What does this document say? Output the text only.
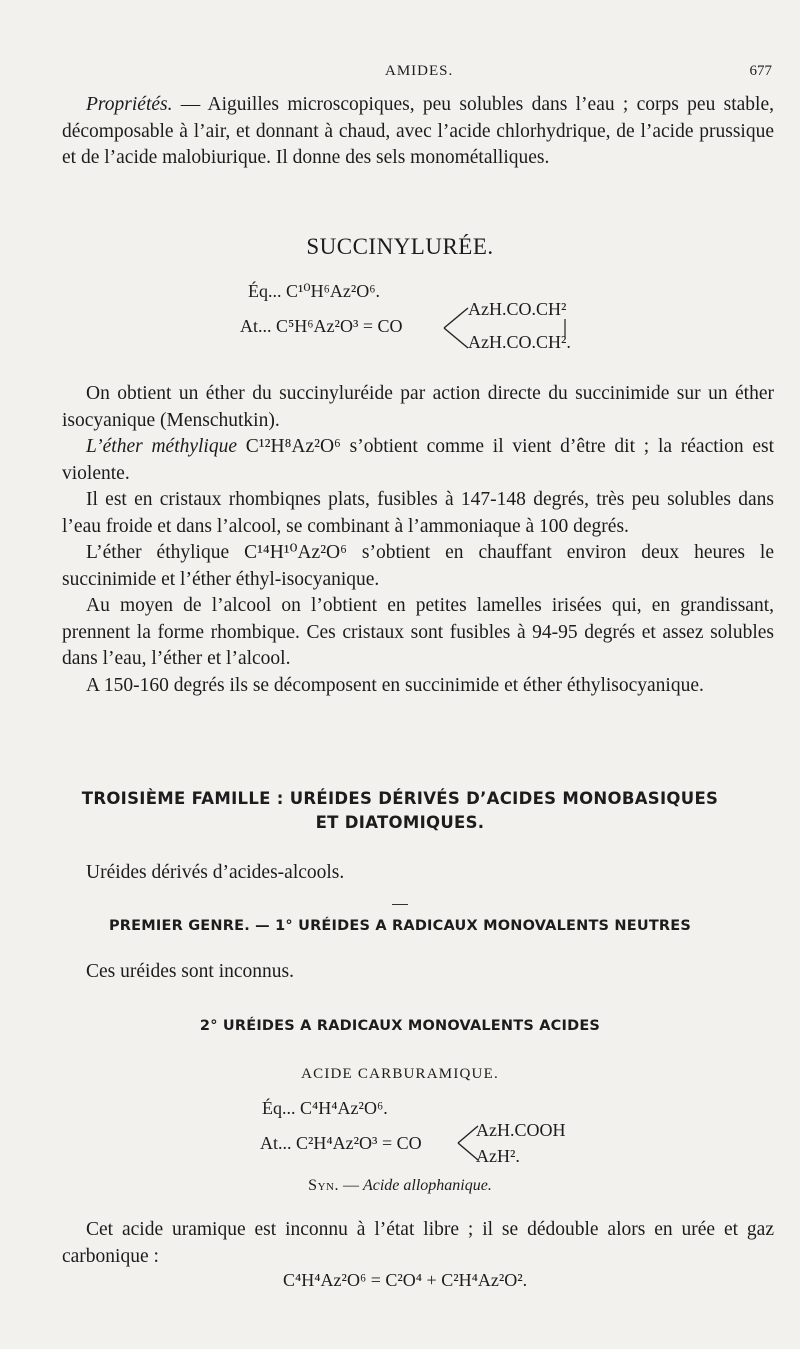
AMIDES.	677

Propriétés. — Aiguilles microscopiques, peu solubles dans l’eau ; corps peu stable, décomposable à l’air, et donnant à chaud, avec l’acide chlorhydrique, de l’acide prussique et de l’acide malobiurique. Il donne des sels monométalliques.

SUCCINYLURÉE.
Éq... C¹⁰H⁶Az²O⁶.
At... C⁵H⁶Az²O³ = CO
AzH.CO.CH²
AzH.CO.CH².

On obtient un éther du succinyluréide par action directe du succinimide sur un éther isocyanique (Menschutkin).

L’éther méthylique C¹²H⁸Az²O⁶ s’obtient comme il vient d’être dit ; la réaction est violente.

Il est en cristaux rhombiqnes plats, fusibles à 147-148 degrés, très peu solubles dans l’eau froide et dans l’alcool, se combinant à l’ammoniaque à 100 degrés.

L’éther éthylique C¹⁴H¹⁰Az²O⁶ s’obtient en chauffant environ deux heures le succinimide et l’éther éthyl-isocyanique.

Au moyen de l’alcool on l’obtient en petites lamelles irisées qui, en grandissant, prennent la forme rhombique. Ces cristaux sont fusibles à 94-95 degrés et assez solubles dans l’eau, l’éther et l’alcool.

A 150-160 degrés ils se décomposent en succinimide et éther éthylisocyanique.

TROISIÈME FAMILLE : URÉIDES DÉRIVÉS D’ACIDES MONOBASIQUES
ET DIATOMIQUES.

Uréides dérivés d’acides-alcools.

PREMIER GENRE. — 1° URÉIDES A RADICAUX MONOVALENTS NEUTRES

Ces uréides sont inconnus.

2° URÉIDES A RADICAUX MONOVALENTS ACIDES
ACIDE CARBURAMIQUE.
Éq... C⁴H⁴Az²O⁶.
At... C²H⁴Az²O³ = CO
AzH.COOH
AzH².
Syn. — Acide allophanique.

Cet acide uramique est inconnu à l’état libre ; il se dédouble alors en urée et gaz carbonique :

C⁴H⁴Az²O⁶ = C²O⁴ + C²H⁴Az²O².
